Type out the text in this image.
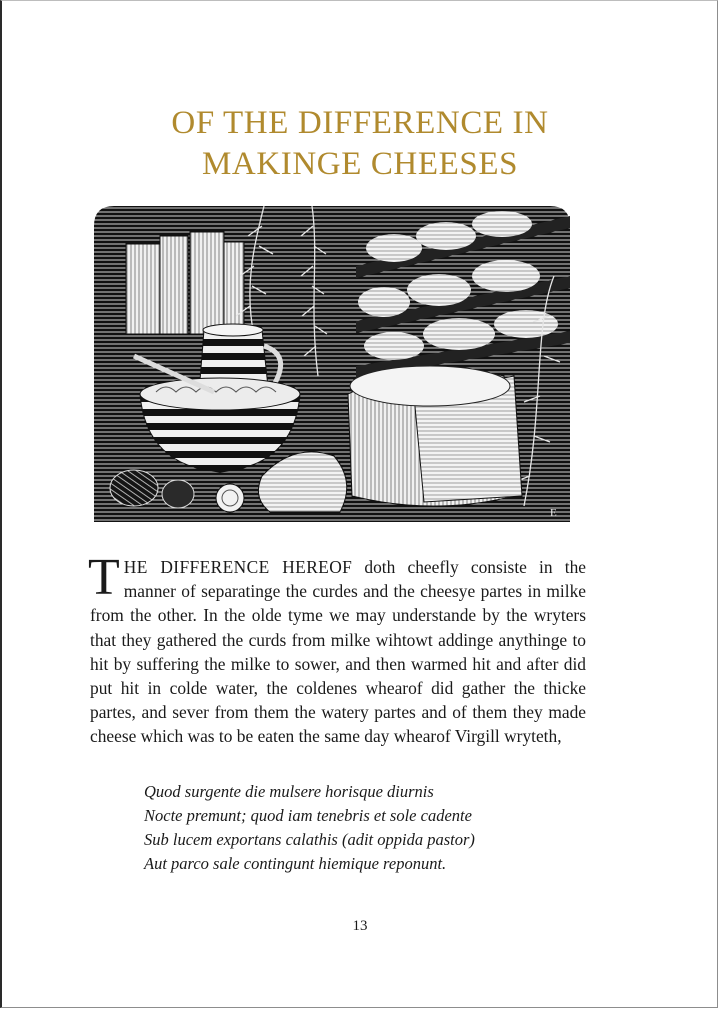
OF THE DIFFERENCE IN
MAKINGE CHEESES
E
THE DIFFERENCE HEREOF doth cheefly consiste in the manner of separatinge the curdes and the cheesye partes in milke from the other. In the olde tyme we may understande by the wryters that they gathered the curds from milke wihtowt addinge anythinge to hit by suffering the milke to sower, and then warmed hit and after did put hit in colde water, the coldenes whearof did gather the thicke partes, and sever from them the watery partes and of them they made cheese which was to be eaten the same day whearof Virgill wryteth,
Quod surgente die mulsere horisque diurnis
Nocte premunt; quod iam tenebris et sole cadente
Sub lucem exportans calathis (adit oppida pastor)
Aut parco sale contingunt hiemique reponunt.
13
